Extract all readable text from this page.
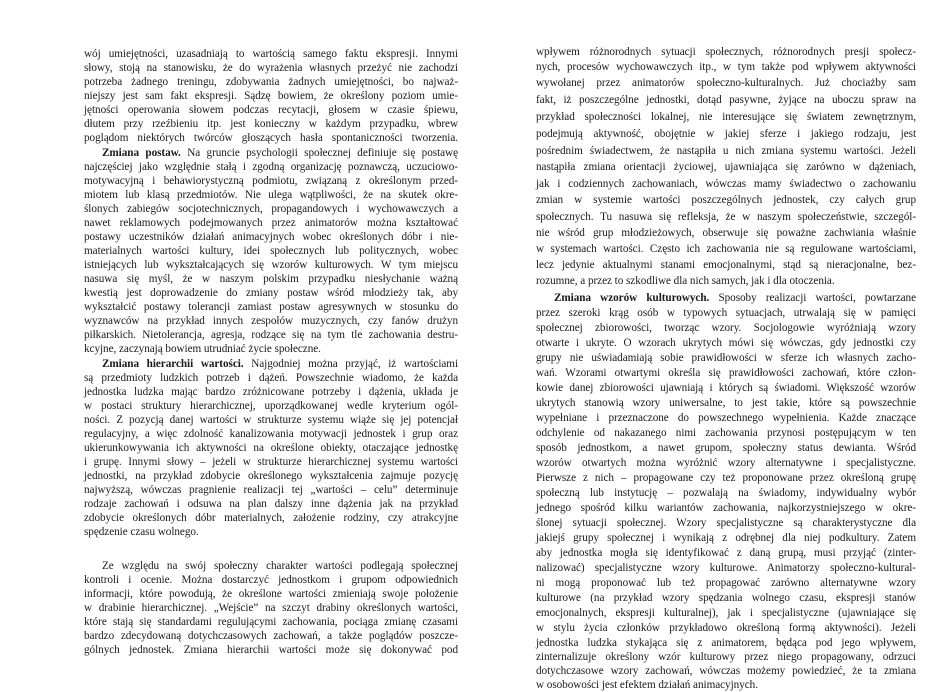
wój umiejętności, uzasadniają to wartością samego faktu ekspresji. Innymi
słowy, stoją na stanowisku, że do wyrażenia własnych przeżyć nie zachodzi
potrzeba żadnego treningu, zdobywania żadnych umiejętności, bo najważ-
niejszy jest sam fakt ekspresji. Sądzę bowiem, że określony poziom umie-
jętności operowania słowem podczas recytacji, głosem w czasie śpiewu,
dłutem przy rzeźbieniu itp. jest konieczny w każdym przypadku, wbrew
poglądom niektórych twórców głoszących hasła spontaniczności tworzenia.
Zmiana postaw. Na gruncie psychologii społecznej definiuje się postawę
najczęściej jako względnie stałą i zgodną organizację poznawczą, uczuciowo-
motywacyjną i behawiorystyczną podmiotu, związaną z określonym przed-
miotem lub klasą przedmiotów. Nie ulega wątpliwości, że na skutek okre-
ślonych zabiegów socjotechnicznych, propagandowych i wychowawczych a
nawet reklamowych podejmowanych przez animatorów można kształtować
postawy uczestników działań animacyjnych wobec określonych dóbr i nie-
materialnych wartości kultury, idei społecznych lub politycznych, wobec
istniejących lub wykształcających się wzorów kulturowych. W tym miejscu
nasuwa się myśl, że w naszym polskim przypadku niesłychanie ważną
kwestią jest doprowadzenie do zmiany postaw wśród młodzieży tak, aby
wykształcić postawy tolerancji zamiast postaw agresywnych w stosunku do
wyznawców na przykład innych zespołów muzycznych, czy fanów drużyn
piłkarskich. Nietolerancja, agresja, rodzące się na tym tle zachowania destru-
kcyjne, zaczynają bowiem utrudniać życie społeczne.
Zmiana hierarchii wartości. Najgodniej można przyjąć, iż wartościami
są przedmioty ludzkich potrzeb i dążeń. Powszechnie wiadomo, że każda
jednostka ludzka mając bardzo zróżnicowane potrzeby i dążenia, układa je
w postaci struktury hierarchicznej, uporządkowanej wedle kryterium ogól-
ności. Z pozycją danej wartości w strukturze systemu wiąże się jej potencjał
regulacyjny, a więc zdolność kanalizowania motywacji jednostek i grup oraz
ukierunkowywania ich aktywności na określone obiekty, otaczające jednostkę
i grupę. Innymi słowy – jeżeli w strukturze hierarchicznej systemu wartości
jednostki, na przykład zdobycie określonego wykształcenia zajmuje pozycję
najwyższą, wówczas pragnienie realizacji tej „wartości – celu” determinuje
rodzaje zachowań i odsuwa na plan dalszy inne dążenia jak na przykład
zdobycie określonych dóbr materialnych, założenie rodziny, czy atrakcyjne
spędzenie czasu wolnego.
Ze względu na swój społeczny charakter wartości podlegają społecznej
kontroli i ocenie. Można dostarczyć jednostkom i grupom odpowiednich
informacji, które powodują, że określone wartości zmieniają swoje położenie
w drabinie hierarchicznej. „Wejście” na szczyt drabiny określonych wartości,
które stają się standardami regulującymi zachowania, pociąga zmianę czasami
bardzo zdecydowaną dotychczasowych zachowań, a także poglądów poszcze-
gólnych jednostek. Zmiana hierarchii wartości może się dokonywać pod
wpływem różnorodnych sytuacji społecznych, różnorodnych presji społecz-
nych, procesów wychowawczych itp., w tym także pod wpływem aktywności
wywołanej przez animatorów społeczno-kulturalnych. Już chociażby sam
fakt, iż poszczególne jednostki, dotąd pasywne, żyjące na uboczu spraw na
przykład społeczności lokalnej, nie interesujące się światem zewnętrznym,
podejmują aktywność, obojętnie w jakiej sferze i jakiego rodzaju, jest
pośrednim świadectwem, że nastąpiła u nich zmiana systemu wartości. Jeżeli
nastąpiła zmiana orientacji życiowej, ujawniająca się zarówno w dążeniach,
jak i codziennych zachowaniach, wówczas mamy świadectwo o zachowaniu
zmian w systemie wartości poszczególnych jednostek, czy całych grup
społecznych. Tu nasuwa się refleksja, że w naszym społeczeństwie, szczegól-
nie wśród grup młodzieżowych, obserwuje się poważne zachwiania właśnie
w systemach wartości. Często ich zachowania nie są regulowane wartościami,
lecz jedynie aktualnymi stanami emocjonalnymi, stąd są nieracjonalne, bez-
rozumne, a przez to szkodliwe dla nich samych, jak i dla otoczenia.
Zmiana wzorów kulturowych. Sposoby realizacji wartości, powtarzane
przez szeroki krąg osób w typowych sytuacjach, utrwalają się w pamięci
społecznej zbiorowości, tworząc wzory. Socjologowie wyróżniają wzory
otwarte i ukryte. O wzorach ukrytych mówi się wówczas, gdy jednostki czy
grupy nie uświadamiają sobie prawidłowości w sferze ich własnych zacho-
wań. Wzorami otwartymi określa się prawidłowości zachowań, które człon-
kowie danej zbiorowości ujawniają i których są świadomi. Większość wzorów
ukrytych stanowią wzory uniwersalne, to jest takie, które są powszechnie
wypełniane i przeznaczone do powszechnego wypełnienia. Każde znaczące
odchylenie od nakazanego nimi zachowania przynosi postępującym w ten
sposób jednostkom, a nawet grupom, społeczny status dewianta. Wśród
wzorów otwartych można wyróżnić wzory alternatywne i specjalistyczne.
Pierwsze z nich – propagowane czy też proponowane przez określoną grupę
społeczną lub instytucję – pozwalają na świadomy, indywidualny wybór
jednego spośród kilku wariantów zachowania, najkorzystniejszego w okre-
ślonej sytuacji społecznej. Wzory specjalistyczne są charakterystyczne dla
jakiejś grupy społecznej i wynikają z odrębnej dla niej podkultury. Zatem
aby jednostka mogła się identyfikować z daną grupą, musi przyjąć (zinter-
nalizować) specjalistyczne wzory kulturowe. Animatorzy społeczno-kultural-
ni mogą proponować lub też propagować zarówno alternatywne wzory
kulturowe (na przykład wzory spędzania wolnego czasu, ekspresji stanów
emocjonalnych, ekspresji kulturalnej), jak i specjalistyczne (ujawniające się
w stylu życia członków przykładowo określoną formą aktywności). Jeżeli
jednostka ludzka stykająca się z animatorem, będąca pod jego wpływem,
zinternalizuje określony wzór kulturowy przez niego propagowany, odrzuci
dotychczasowe wzory zachowań, wówczas możemy powiedzieć, że ta zmiana
w osobowości jest efektem działań animacyjnych.
